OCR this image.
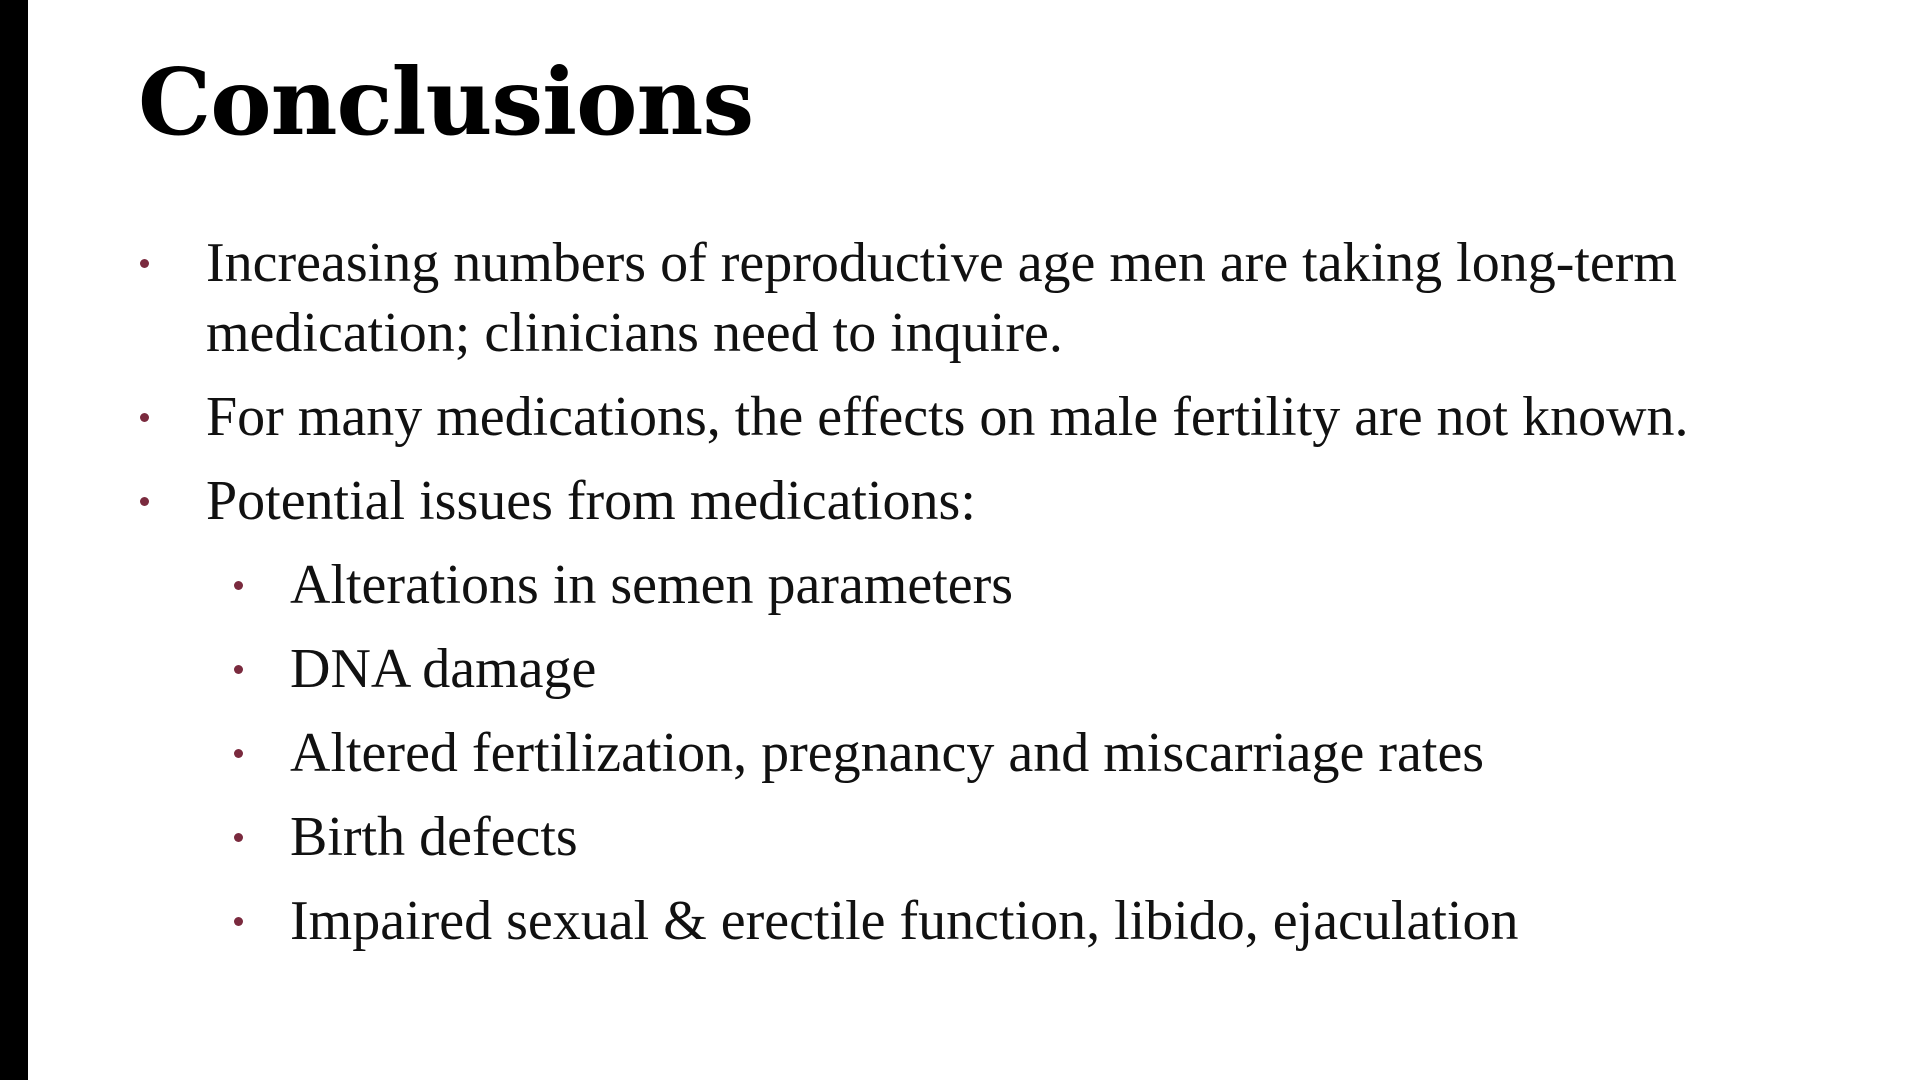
Conclusions
Increasing numbers of reproductive age men are taking long-term medication; clinicians need to inquire.
For many medications, the effects on male fertility are not known.
Potential issues from medications:
Alterations in semen parameters
DNA damage
Altered fertilization, pregnancy and miscarriage rates
Birth defects
Impaired sexual & erectile function, libido, ejaculation
